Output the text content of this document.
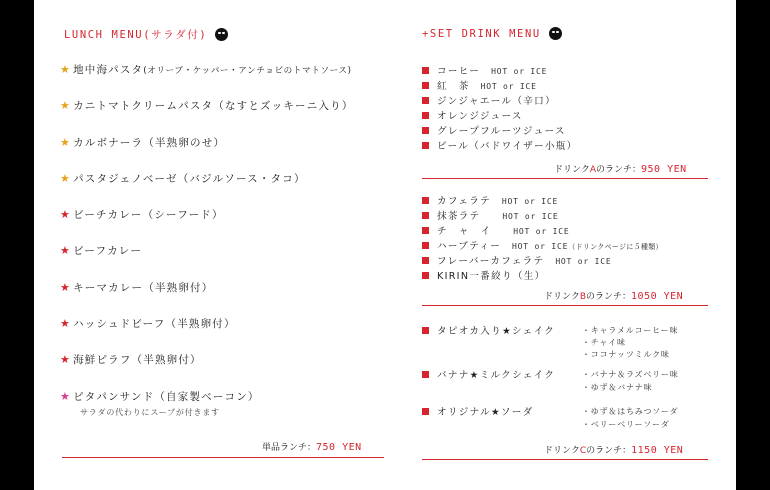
LUNCH MENU(サラダ付)
★ 地中海パスタ(オリーブ・ケッパー・アンチョビのトマトソース)
★ カニトマトクリームパスタ（なすとズッキーニ入り）
★ カルボナーラ（半熟卵のせ）
★ パスタジェノベーゼ（バジルソース・タコ）
★ ビーチカレー（シーフード）
★ ビーフカレー
★ キーマカレー（半熟卵付）
★ ハッシュドビーフ（半熟卵付）
★ 海鮮ピラフ（半熟卵付）
★ ピタパンサンド（自家製ベーコン）
サラダの代わりにスープが付きます
単品ランチ：750 YEN
+SET DRINK MENU
コーヒー　 HOT or ICE
紅　茶　 HOT or ICE
ジンジャエール（辛口）
オレンジジュース
グレープフルーツジュース
ビール（バドワイザー小瓶）
ドリンクAのランチ：950 YEN
カフェラテ　 HOT or ICE
抹茶ラテ　　	HOT or ICE
チ　ャ　イ　　	HOT or ICE
ハーブティー　 HOT or ICE（ドリンクページに５種類）
フレーバーカフェラテ　 HOT or ICE
KIRIN一番絞り（生）
ドリンクBのランチ：1050 YEN
タピオカ入り★シェイク	・キャラメルコーヒー味
・チャイ味
・ココナッツミルク味
バナナ★ミルクシェイク	・バナナ＆ラズベリー味
・ゆず＆バナナ味
オリジナル★ソーダ	・ゆず＆はちみつソーダ
・ベリーベリーソーダ
ドリンクCのランチ：1150 YEN
